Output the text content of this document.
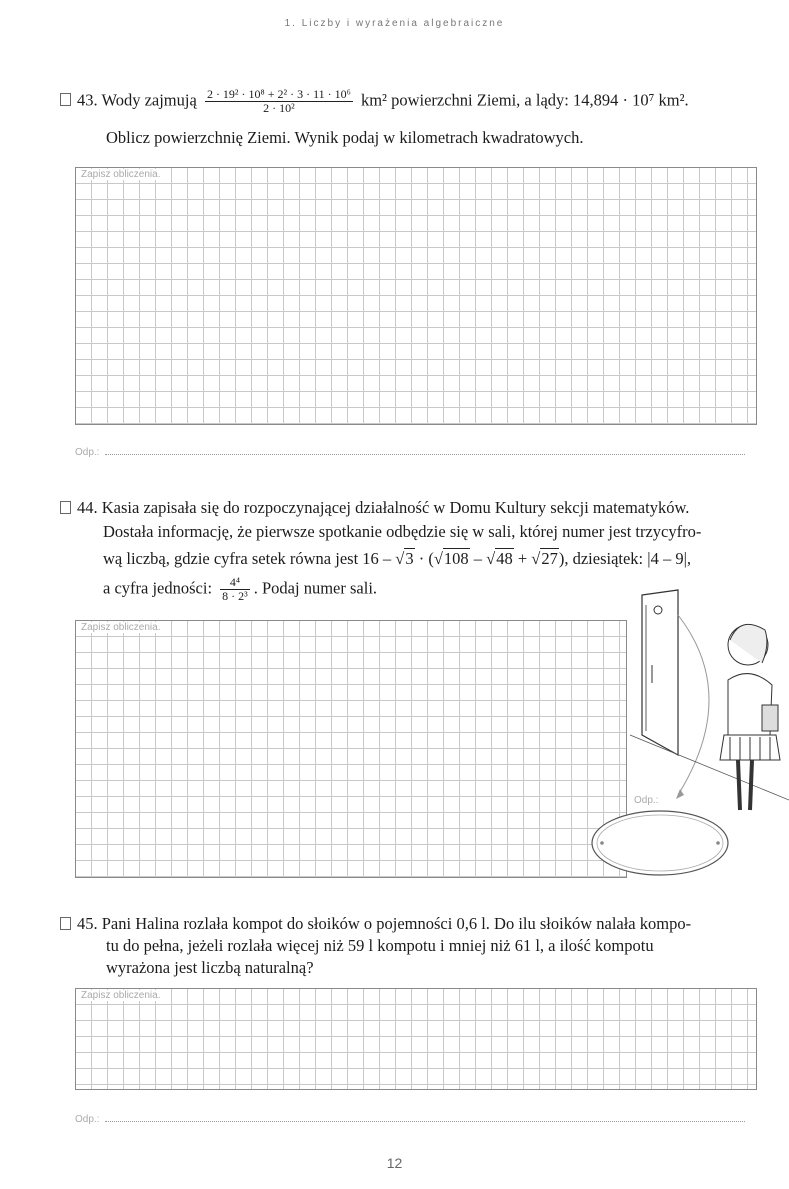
1. Liczby i wyrażenia algebraiczne
43. Wody zajmują $\frac{\text{2 · 19² · 10⁸ + 2² · 3 · 11 · 10⁶}}{\text{2 · 10²}} km^2$ powierzchni Ziemi, a lądy: 14,894 · 10⁷ km².
Oblicz powierzchnię Ziemi. Wynik podaj w kilometrach kwadratowych.
Zapisz obliczenia.
Odp.:
44. Kasia zapisała się do rozpoczynającej działalność w Domu Kultury sekcji matematyków.
Dostała informację, że pierwsze spotkanie odbędzie się w sali, której numer jest trzycyfro-
wą liczbą, gdzie cyfra setek równa jest 16 – √3 · (√108 – √48 + √27), dziesiątek: |4 – 9|,
a cyfra jedności: $\frac{\text{4⁴}}{\text{8 · 2³}}$ . Podaj numer sali.
Zapisz obliczenia.
Odp.:
45. Pani Halina rozlała kompot do słoików o pojemności 0,6 l. Do ilu słoików nalała kompo-
tu do pełna, jeżeli rozlała więcej niż 59 l kompotu i mniej niż 61 l, a ilość kompotu
wyrażona jest liczbą naturalną?
Zapisz obliczenia.
Odp.:
12
